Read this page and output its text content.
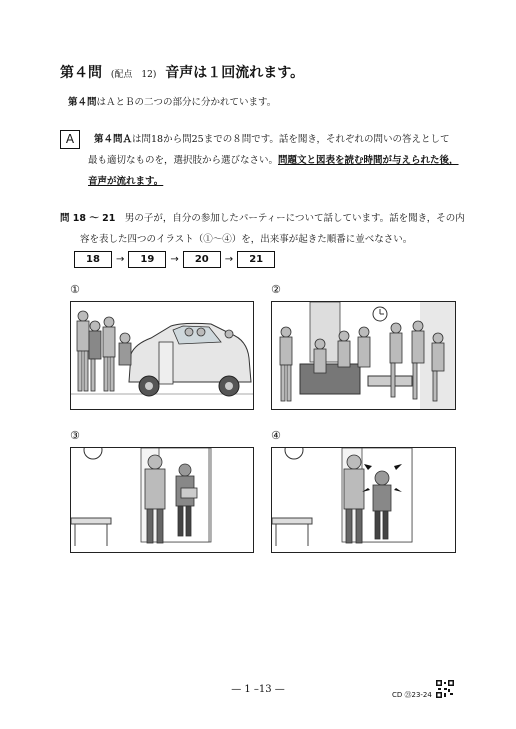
第４問 (配点　12) 音声は１回流れます。
第４問はＡとＢの二つの部分に分かれています。
A	第４問Ａは問18から問25までの８問です。話を聞き，それぞれの問いの答えとして
最も適切なものを，選択肢から選びなさい。問題文と図表を読む時間が与えられた後，
音声が流れます。
問 18 ～ 21　 男の子が，自分の参加したパーティーについて話しています。話を聞き，その内
容を表した四つのイラスト（①～④）を，出来事が起きた順番に並べなさい。
18	→	19	→	20	→	21
①	②
③	④
— 1 –13 —	CD ㉓23-24
